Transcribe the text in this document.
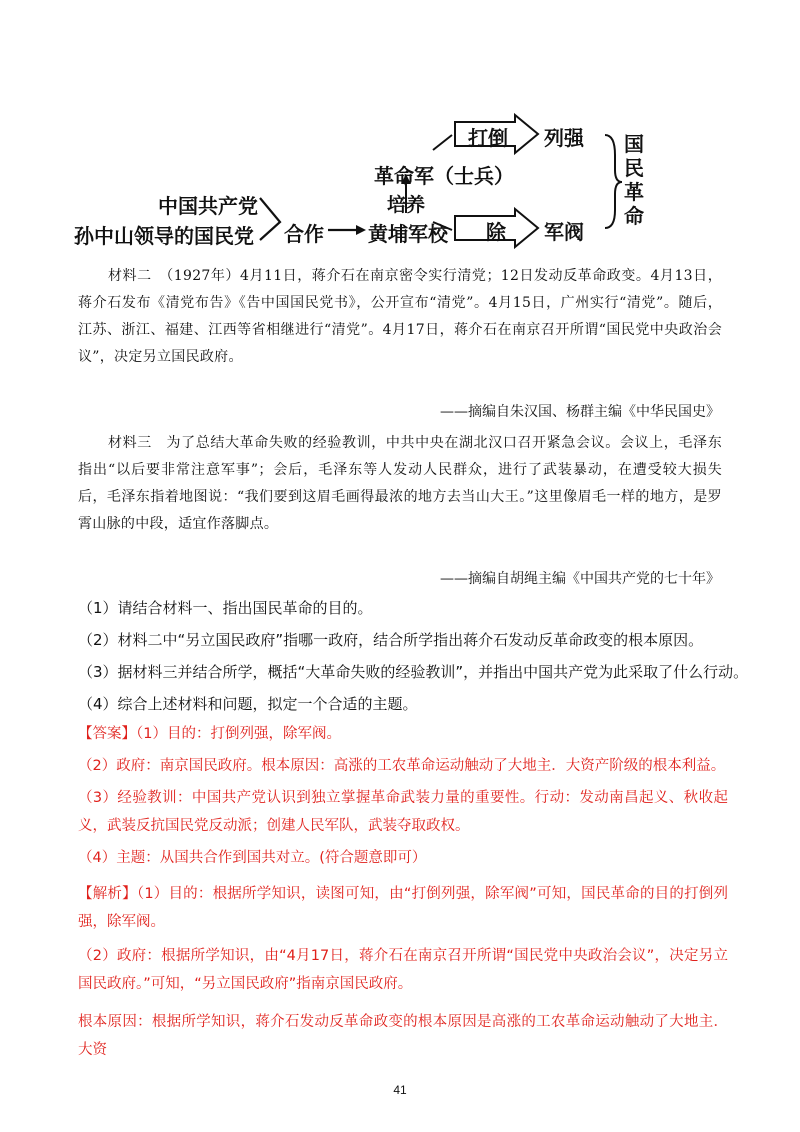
中国共产党
孙中山领导的国民党 合作 黄埔军校
培养
革命军（士兵）
打倒 列强
除 军阀
国民革命
材料二　（1927年）4月11日，蒋介石在南京密令实行清党；12日发动反革命政变。4月13日，蒋介石发布《清党布告》《告中国国民党书》，公开宣布“清党”。4月15日，广州实行“清党”。随后，江苏、浙江、福建、江西等省相继进行“清党”。4月17日，蒋介石在南京召开所谓“国民党中央政治会议”，决定另立国民政府。
——摘编自朱汉国、杨群主编《中华民国史》
材料三　为了总结大革命失败的经验教训，中共中央在湖北汉口召开紧急会议。会议上，毛泽东指出“以后要非常注意军事”；会后，毛泽东等人发动人民群众，进行了武装暴动，在遭受较大损失后，毛泽东指着地图说：“我们要到这眉毛画得最浓的地方去当山大王。”这里像眉毛一样的地方，是罗霄山脉的中段，适宜作落脚点。
——摘编自胡绳主编《中国共产党的七十年》
（1）请结合材料一、指出国民革命的目的。
（2）材料二中“另立国民政府”指哪一政府，结合所学指出蒋介石发动反革命政变的根本原因。
（3）据材料三并结合所学，概括“大革命失败的经验教训”，并指出中国共产党为此采取了什么行动。
（4）综合上述材料和问题，拟定一个合适的主题。
【答案】（1）目的：打倒列强，除军阀。
（2）政府：南京国民政府。根本原因：高涨的工农革命运动触动了大地主．大资产阶级的根本利益。
（3）经验教训：中国共产党认识到独立掌握革命武装力量的重要性。行动：发动南昌起义、秋收起义，武装反抗国民党反动派；创建人民军队，武装夺取政权。
（4）主题：从国共合作到国共对立。(符合题意即可）
【解析】（1）目的：根据所学知识，读图可知，由“打倒列强，除军阀”可知，国民革命的目的打倒列强，除军阀。
（2）政府：根据所学知识，由“4月17日，蒋介石在南京召开所谓“国民党中央政治会议”，决定另立国民政府。”可知，“另立国民政府”指南京国民政府。
根本原因：根据所学知识，蒋介石发动反革命政变的根本原因是高涨的工农革命运动触动了大地主．大资
41
